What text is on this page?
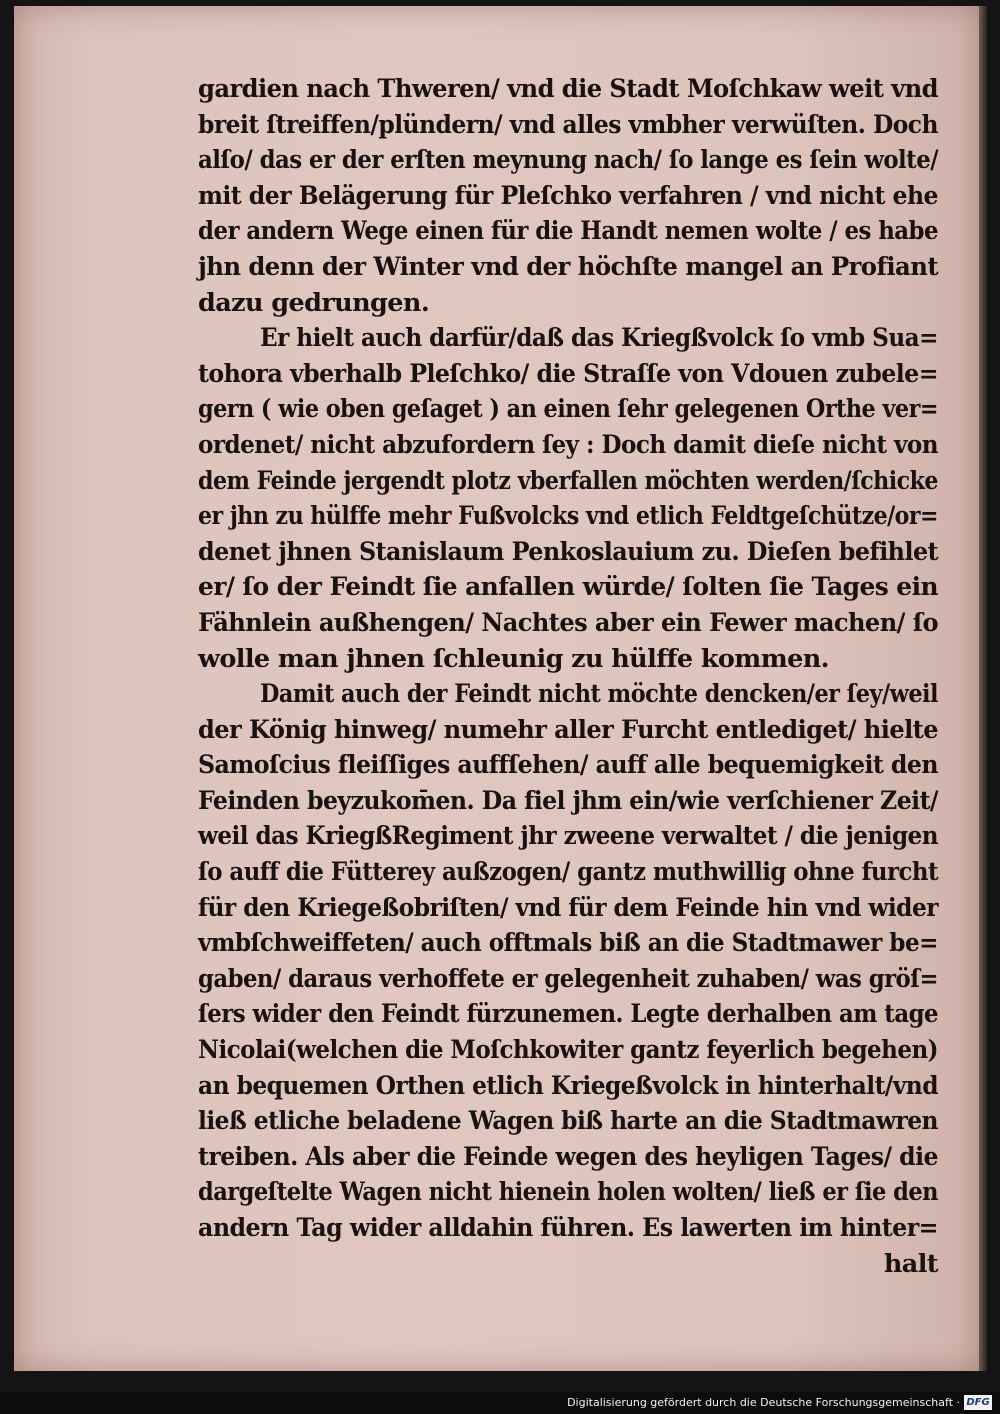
gardien nach Thweren/ vnd die Stadt Moſchkaw weit vnd
breit ſtreiffen/plündern/ vnd alles vmbher verwüſten. Doch
alſo/ das er der erſten meynung nach/ ſo lange es ſein wolte/
mit der Belägerung für Pleſchko verfahren / vnd nicht ehe
der andern Wege einen für die Handt nemen wolte / es habe
jhn denn der Winter vnd der höchſte mangel an Profiant
dazu gedrungen.
Er hielt auch darfür/daß das Kriegßvolck ſo vmb Sua=
tohora vberhalb Pleſchko/ die Straſſe von Vdouen zubele=
gern ( wie oben geſaget ) an einen ſehr gelegenen Orthe ver=
ordenet/ nicht abzufordern ſey : Doch damit dieſe nicht von
dem Feinde jergendt plotz vberfallen möchten werden/ſchicke
er jhn zu hülffe mehr Fußvolcks vnd etlich Feldtgeſchütze/or=
denet jhnen Stanislaum Penkoslauium zu. Dieſen befihlet
er/ ſo der Feindt ſie anfallen würde/ ſolten ſie Tages ein
Fähnlein außhengen/ Nachtes aber ein Fewer machen/ ſo
wolle man jhnen ſchleunig zu hülffe kommen.
Damit auch der Feindt nicht möchte dencken/er ſey/weil
der König hinweg/ numehr aller Furcht entlediget/ hielte
Samoſcius fleiſſiges auffſehen/ auff alle bequemigkeit den
Feinden beyzukom̄en. Da fiel jhm ein/wie verſchiener Zeit/
weil das KriegßRegiment jhr zweene verwaltet / die jenigen
ſo auff die Fütterey außzogen/ gantz muthwillig ohne furcht
für den Kriegeßobriſten/ vnd für dem Feinde hin vnd wider
vmbſchweiffeten/ auch offtmals biß an die Stadtmawer be=
gaben/ daraus verhoffete er gelegenheit zuhaben/ was gröſ=
ſers wider den Feindt fürzunemen. Legte derhalben am tage
Nicolai(welchen die Moſchkowiter gantz feyerlich begehen)
an bequemen Orthen etlich Kriegeßvolck in hinterhalt/vnd
ließ etliche beladene Wagen biß harte an die Stadtmawren
treiben. Als aber die Feinde wegen des heyligen Tages/ die
dargeſtelte Wagen nicht hienein holen wolten/ ließ er ſie den
andern Tag wider alldahin führen. Es lawerten im hinter=
halt
Digitalisierung gefördert durch die Deutsche Forschungsgemeinschaft · DFG
